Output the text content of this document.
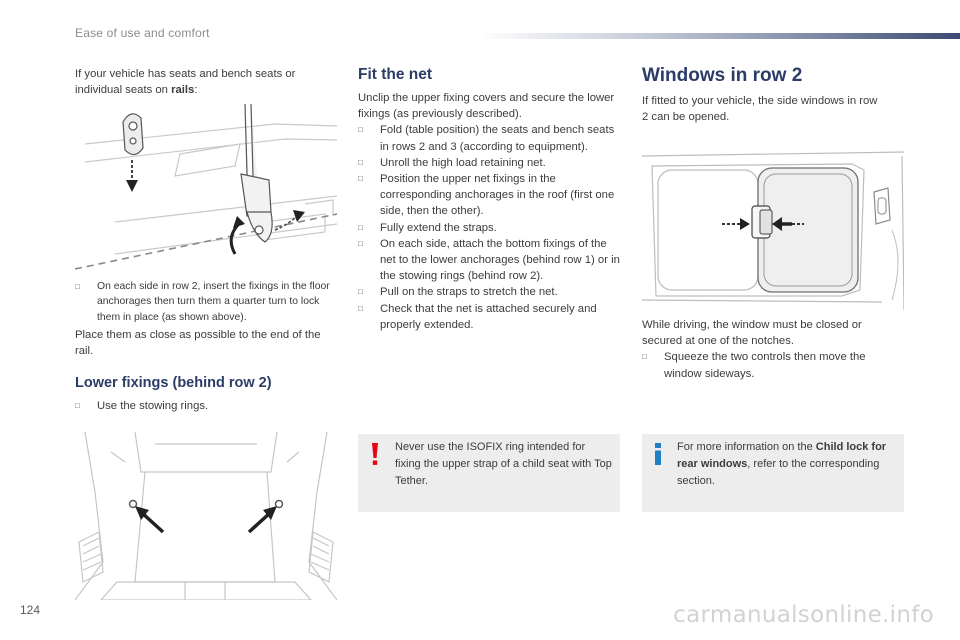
Ease of use and comfort

If your vehicle has seats and bench seats or individual seats on rails:

□	On each side in row 2, insert the fixings in the floor anchorages then turn them a quarter turn to lock them in place (as shown above).

Place them as close as possible to the end of the rail.

Lower fixings (behind row 2)
□	Use the stowing rings.
Fit the net

Unclip the upper fixing covers and secure the lower fixings (as previously described).

□	Fold (table position) the seats and bench seats in rows 2 and 3 (according to equipment).
□	Unroll the high load retaining net.
□	Position the upper net fixings in the corresponding anchorages in the roof (first one side, then the other).
□	Fully extend the straps.
□	On each side, attach the bottom fixings of the net to the lower anchorages (behind row 1) or in the stowing rings (behind row 2).
□	Pull on the straps to stretch the net.
□	Check that the net is attached securely and properly extended.
Never use the ISOFIX ring intended for fixing the upper strap of a child seat with Top Tether.
Windows in row 2

If fitted to your vehicle, the side windows in row 2 can be opened.

While driving, the window must be closed or secured at one of the notches.

□	Squeeze the two controls then move the window sideways.
For more information on the Child lock for rear windows, refer to the corresponding section.
124	carmanualsonline.info
